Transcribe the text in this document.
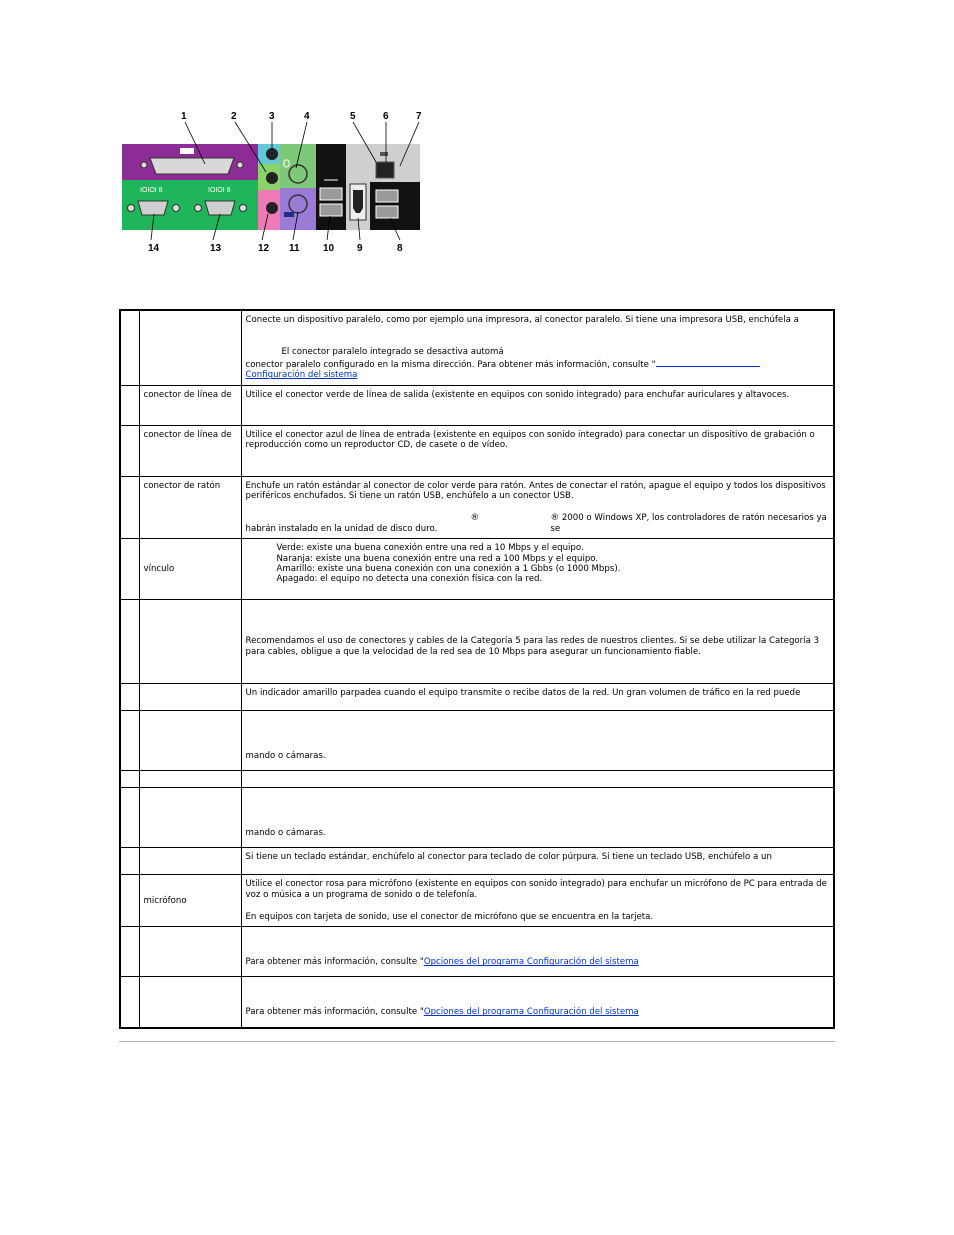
1	2	3	4	5	6	7
14	13	12 11 10 9	8
IOIOI 8	IOIOI 8

		Conecte un dispositivo paralelo, como por ejemplo una impresora, al conector paralelo. Si tiene una impresora USB, enchúfela a

El conector paralelo integrado se desactiva automá

conector paralelo configurado en la misma dirección. Para obtener más información, consulte "

Configuración del sistema

	conector de línea de	Utilice el conector verde de línea de salida (existente en equipos con sonido integrado) para enchufar auriculares y altavoces.

	conector de línea de	Utilice el conector azul de línea de entrada (existente en equipos con sonido integrado) para conectar un dispositivo de grabación o reproducción como un reproductor CD, de casete o de vídeo.

	conector de ratón	Enchufe un ratón estándar al conector de color verde para ratón. Antes de conectar el ratón, apague el equipo y todos los dispositivos periféricos enchufados. Si tiene un ratón USB, enchúfelo a un conector USB.

® ® 2000 o Windows XP, los controladores de ratón necesarios ya se

habrán instalado en la unidad de disco duro.

	vínculo	Verde: existe una buena conexión entre una red a 10 Mbps y el equipo.

Naranja: existe una buena conexión entre una red a 100 Mbps y el equipo.

Amarillo: existe una buena conexión con una conexión a 1 Gbbs (o 1000 Mbps).

Apagado: el equipo no detecta una conexión física con la red.

		Recomendamos el uso de conectores y cables de la Categoría 5 para las redes de nuestros clientes. Si se debe utilizar la Categoría 3 para cables, obligue a que la velocidad de la red sea de 10 Mbps para asegurar un funcionamiento fiable.

		Un indicador amarillo parpadea cuando el equipo transmite o recibe datos de la red. Un gran volumen de tráfico en la red puede

		mando o cámaras.

		mando o cámaras.

		Si tiene un teclado estándar, enchúfelo al conector para teclado de color púrpura. Si tiene un teclado USB, enchúfelo a un

	micrófono	Utilice el conector rosa para micrófono (existente en equipos con sonido integrado) para enchufar un micrófono de PC para entrada de voz o música a un programa de sonido o de telefonía.

En equipos con tarjeta de sonido, use el conector de micrófono que se encuentra en la tarjeta.

		Para obtener más información, consulte "Opciones del programa Configuración del sistema

		Para obtener más información, consulte "Opciones del programa Configuración del sistema
